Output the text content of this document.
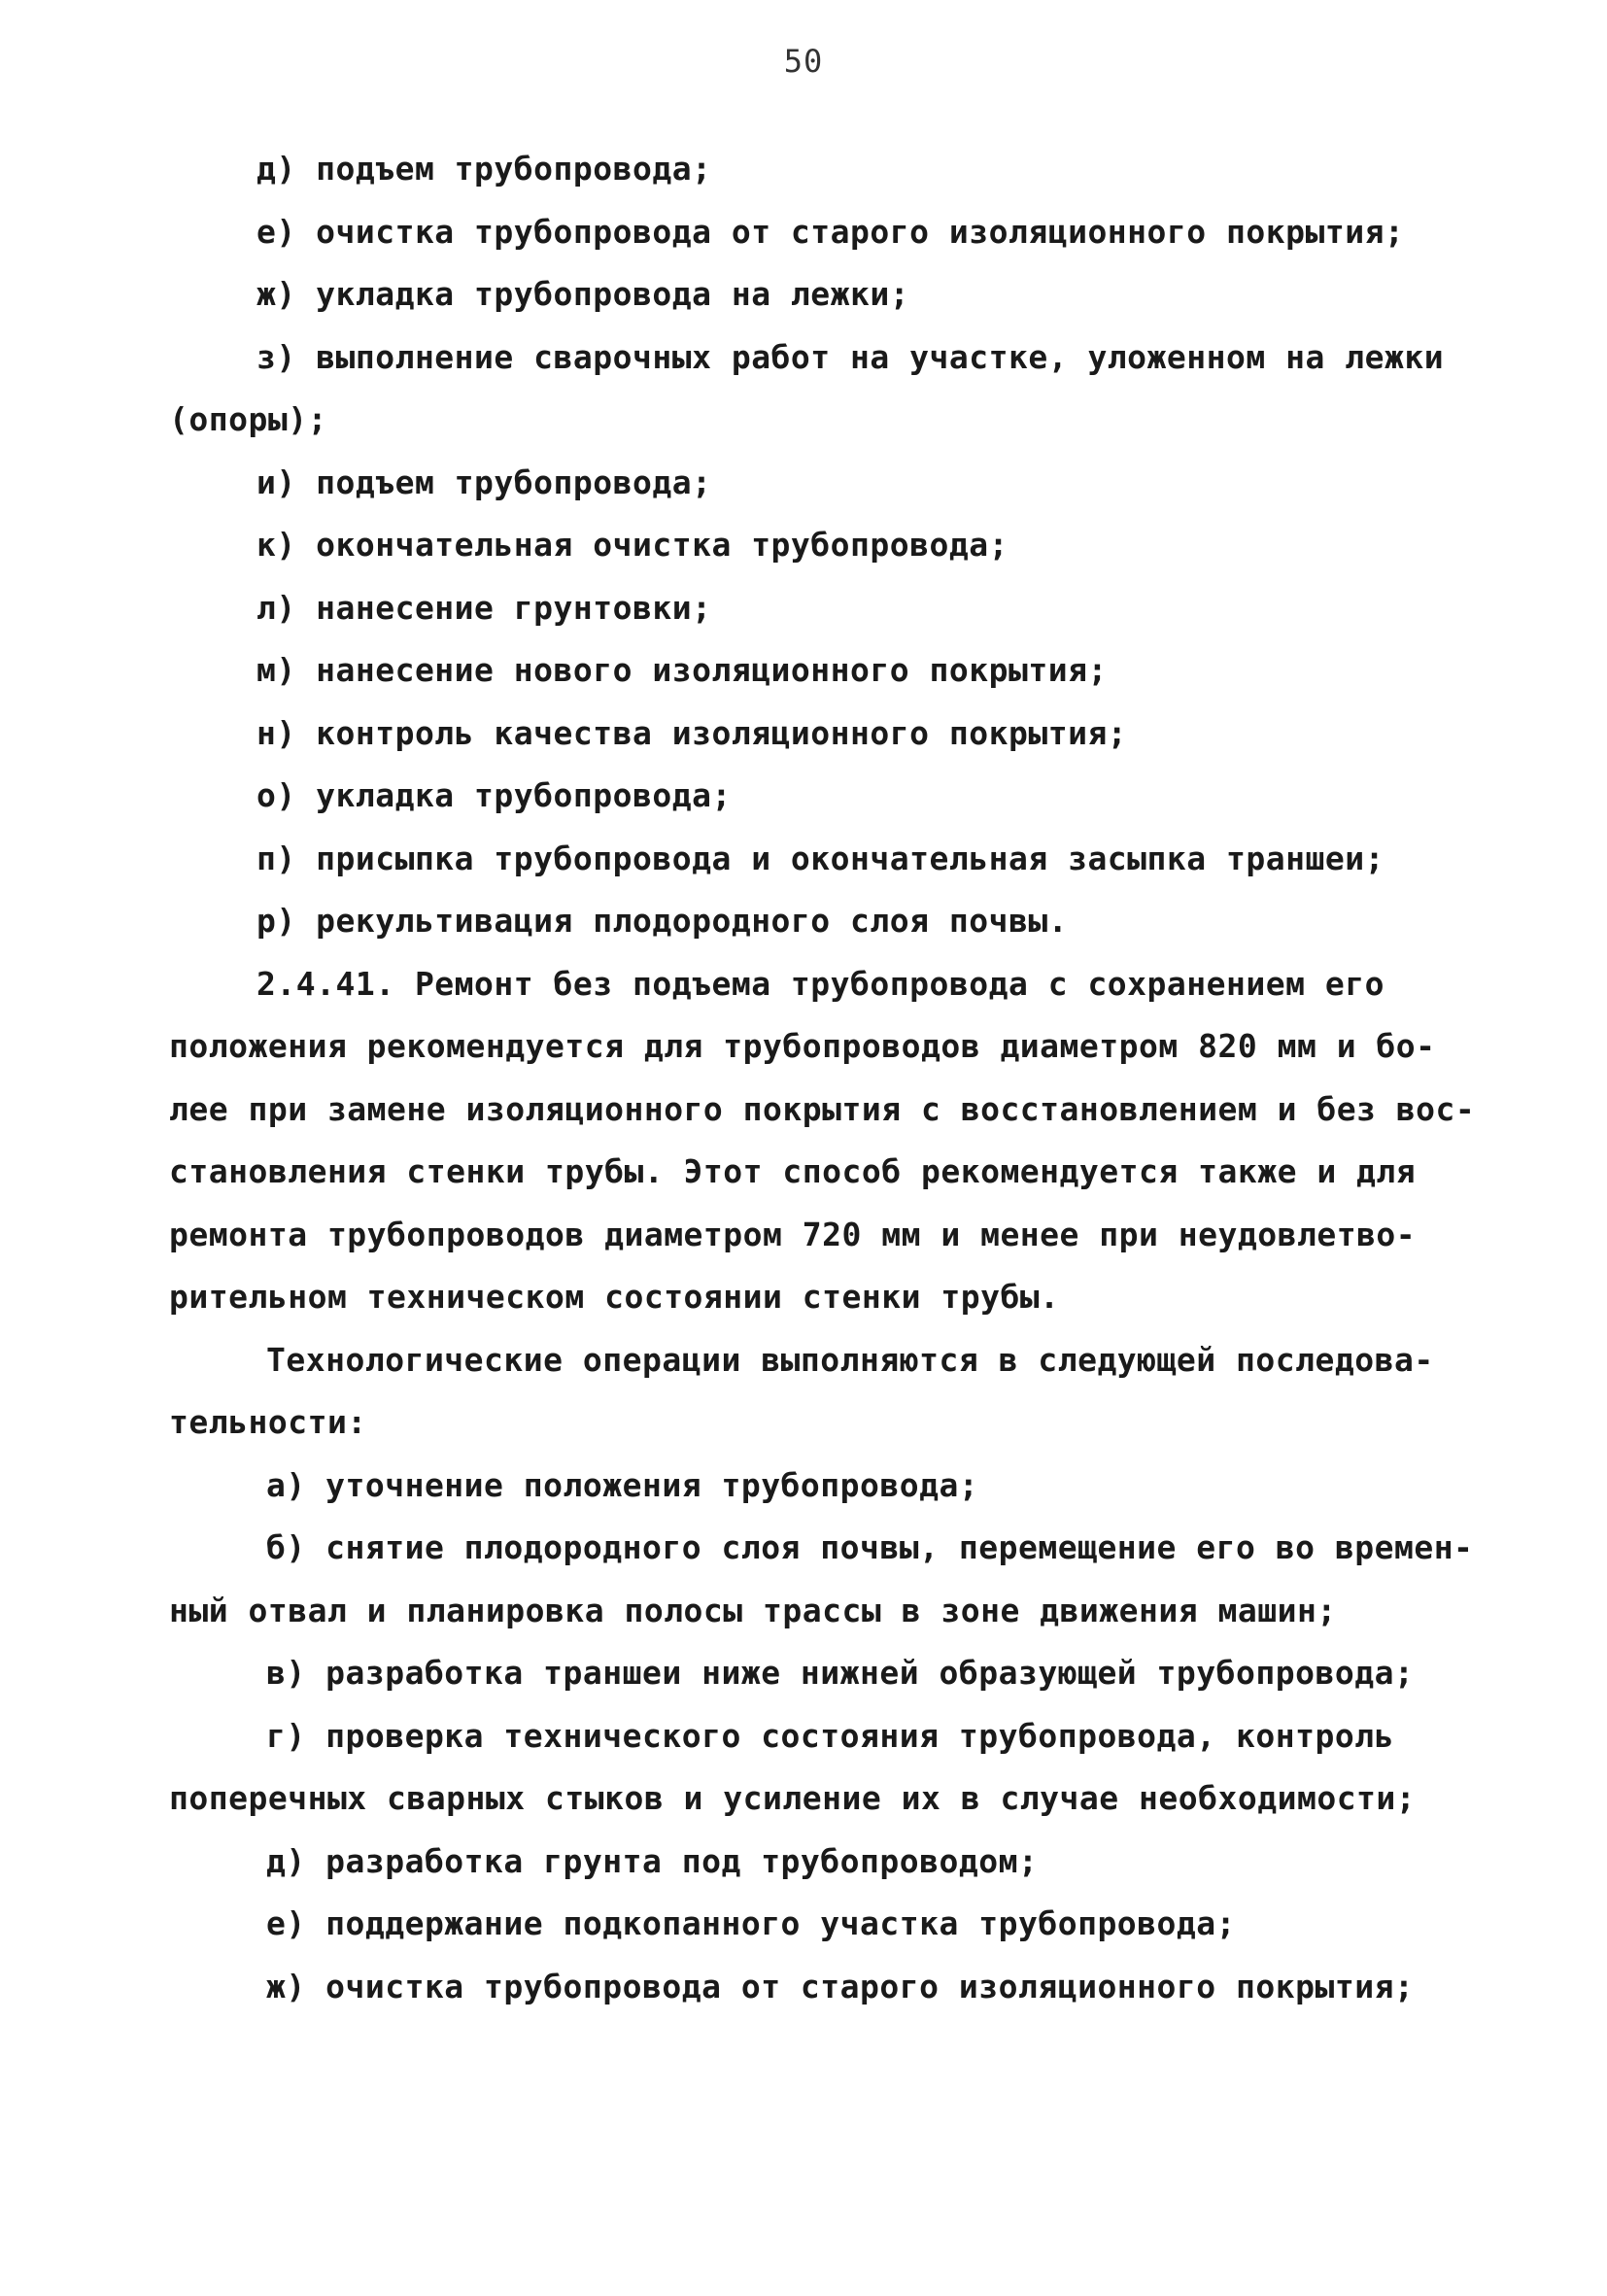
50
д) подъем трубопровода;
е) очистка трубопровода от старого изоляционного покрытия;
ж) укладка трубопровода на лежки;
з) выполнение сварочных работ на участке, уложенном на лежки
(опоры);
и) подъем трубопровода;
к) окончательная очистка трубопровода;
л) нанесение грунтовки;
м) нанесение нового изоляционного покрытия;
н) контроль качества изоляционного покрытия;
о) укладка трубопровода;
п) присыпка трубопровода и окончательная засыпка траншеи;
р) рекультивация плодородного слоя почвы.
2.4.41. Ремонт без подъема трубопровода с сохранением его
положения рекомендуется для трубопроводов диаметром 820 мм и бо-
лее при замене изоляционного покрытия с восстановлением и без вос-
становления стенки трубы. Этот способ рекомендуется также и для
ремонта трубопроводов диаметром 720 мм и менее при неудовлетво-
рительном техническом состоянии стенки трубы.
Технологические операции выполняются в следующей последова-
тельности:
а) уточнение положения трубопровода;
б) снятие плодородного слоя почвы, перемещение его во времен-
ный отвал и планировка полосы трассы в зоне движения машин;
в) разработка траншеи ниже нижней образующей трубопровода;
г) проверка технического состояния трубопровода, контроль
поперечных сварных стыков и усиление их в случае необходимости;
д) разработка грунта под трубопроводом;
е) поддержание подкопанного участка трубопровода;
ж) очистка трубопровода от старого изоляционного покрытия;
